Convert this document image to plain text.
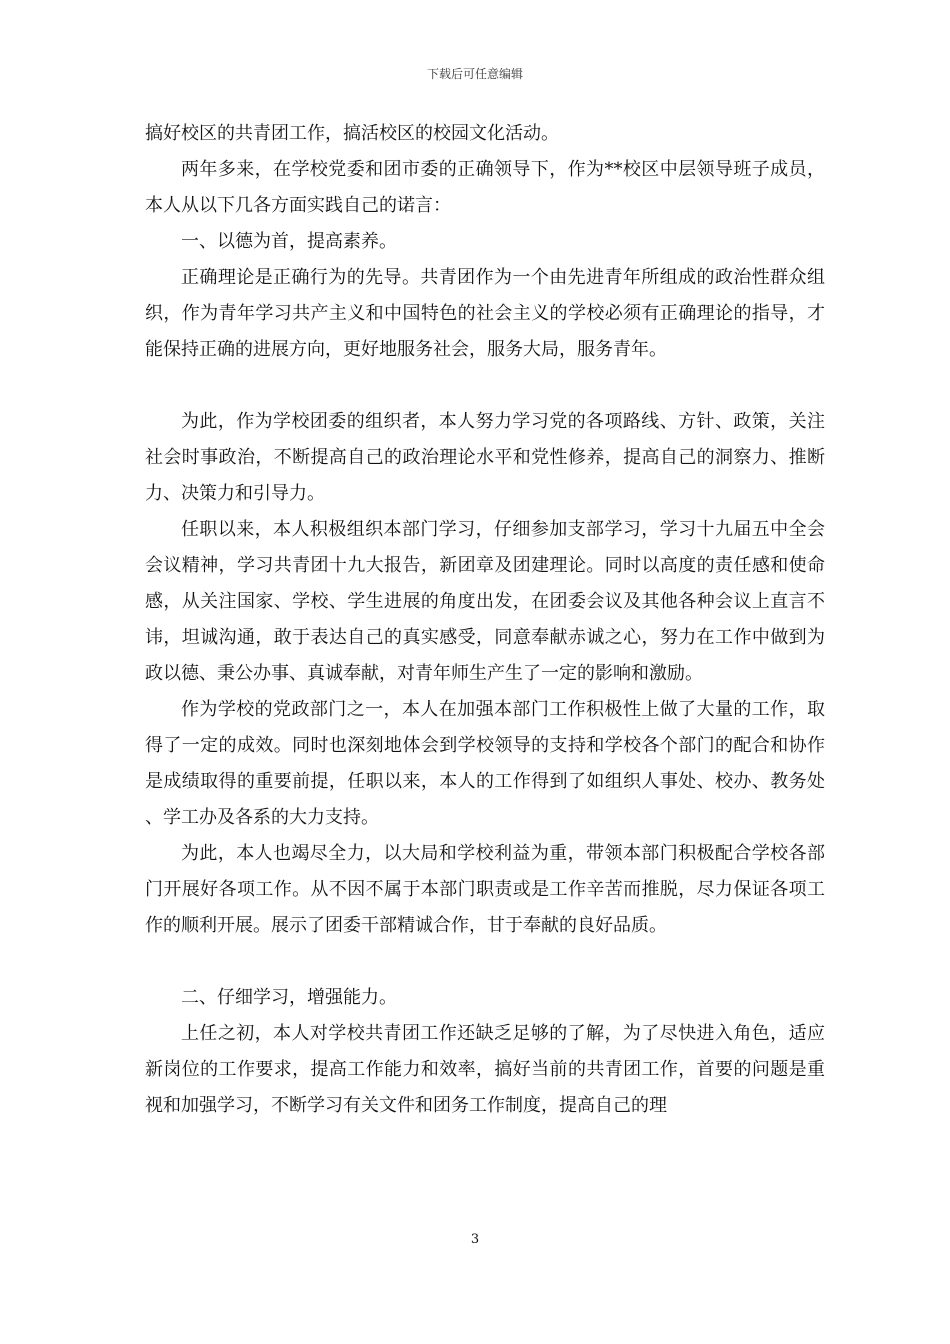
下载后可任意编辑

搞好校区的共青团工作，搞活校区的校园文化活动。

两年多来，在学校党委和团市委的正确领导下，作为**校区中层领导班子成员，本人从以下几各方面实践自己的诺言：

一、以德为首，提高素养。

正确理论是正确行为的先导。共青团作为一个由先进青年所组成的政治性群众组织，作为青年学习共产主义和中国特色的社会主义的学校必须有正确理论的指导，才能保持正确的进展方向，更好地服务社会，服务大局，服务青年。

为此，作为学校团委的组织者，本人努力学习党的各项路线、方针、政策，关注社会时事政治，不断提高自己的政治理论水平和党性修养，提高自己的洞察力、推断力、决策力和引导力。

任职以来，本人积极组织本部门学习，仔细参加支部学习，学习十九届五中全会会议精神，学习共青团十九大报告，新团章及团建理论。同时以高度的责任感和使命感，从关注国家、学校、学生进展的角度出发，在团委会议及其他各种会议上直言不讳，坦诚沟通，敢于表达自己的真实感受，同意奉献赤诚之心，努力在工作中做到为政以德、秉公办事、真诚奉献，对青年师生产生了一定的影响和激励。

作为学校的党政部门之一，本人在加强本部门工作积极性上做了大量的工作，取得了一定的成效。同时也深刻地体会到学校领导的支持和学校各个部门的配合和协作是成绩取得的重要前提，任职以来，本人的工作得到了如组织人事处、校办、教务处、学工办及各系的大力支持。

为此，本人也竭尽全力，以大局和学校利益为重，带领本部门积极配合学校各部门开展好各项工作。从不因不属于本部门职责或是工作辛苦而推脱，尽力保证各项工作的顺利开展。展示了团委干部精诚合作，甘于奉献的良好品质。

二、仔细学习，增强能力。

上任之初，本人对学校共青团工作还缺乏足够的了解，为了尽快进入角色，适应新岗位的工作要求，提高工作能力和效率，搞好当前的共青团工作，首要的问题是重视和加强学习，不断学习有关文件和团务工作制度，提高自己的理

3
